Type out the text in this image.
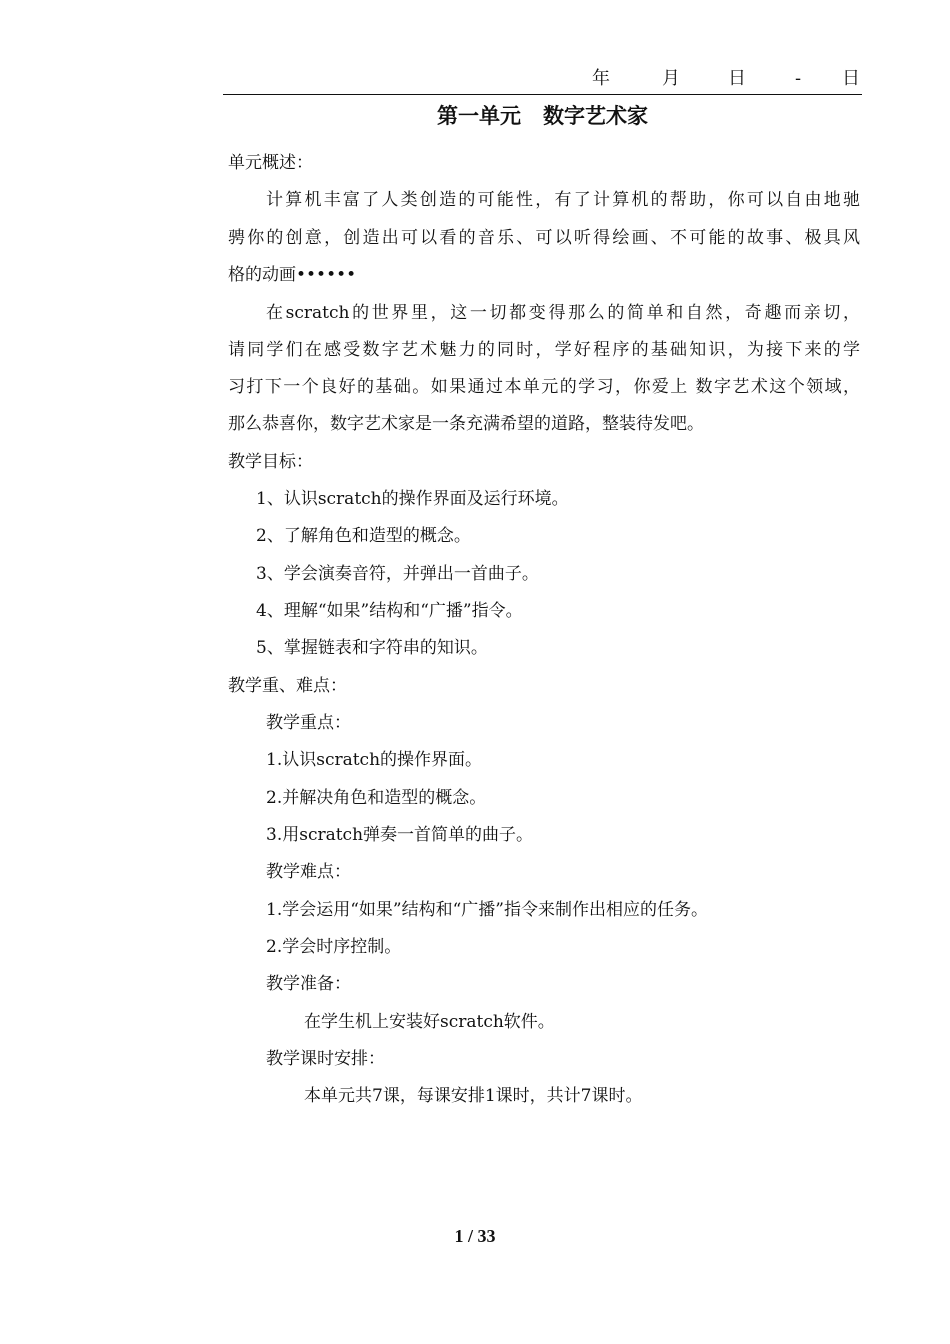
年	月	日	- 日
第一单元   数字艺术家
单元概述：
计算机丰富了人类创造的可能性，有了计算机的帮助，你可以自由地驰
骋你的创意，创造出可以看的音乐、可以听得绘画、不可能的故事、极具风
格的动画••••••
在scratch的世界里，这一切都变得那么的简单和自然，奇趣而亲切，
请同学们在感受数字艺术魅力的同时，学好程序的基础知识，为接下来的学
习打下一个良好的基础。如果通过本单元的学习，你爱上 数字艺术这个领域，
那么恭喜你，数字艺术家是一条充满希望的道路，整装待发吧。
教学目标：
1、认识scratch的操作界面及运行环境。
2、了解角色和造型的概念。
3、学会演奏音符，并弹出一首曲子。
4、理解“如果”结构和“广播”指令。
5、掌握链表和字符串的知识。
教学重、难点：
教学重点：
1.认识scratch的操作界面。
2.并解决角色和造型的概念。
3.用scratch弹奏一首简单的曲子。
教学难点：
1.学会运用“如果”结构和“广播”指令来制作出相应的任务。
2.学会时序控制。
教学准备：
在学生机上安装好scratch软件。
教学课时安排：
本单元共7课，每课安排1课时，共计7课时。
1 / 33
